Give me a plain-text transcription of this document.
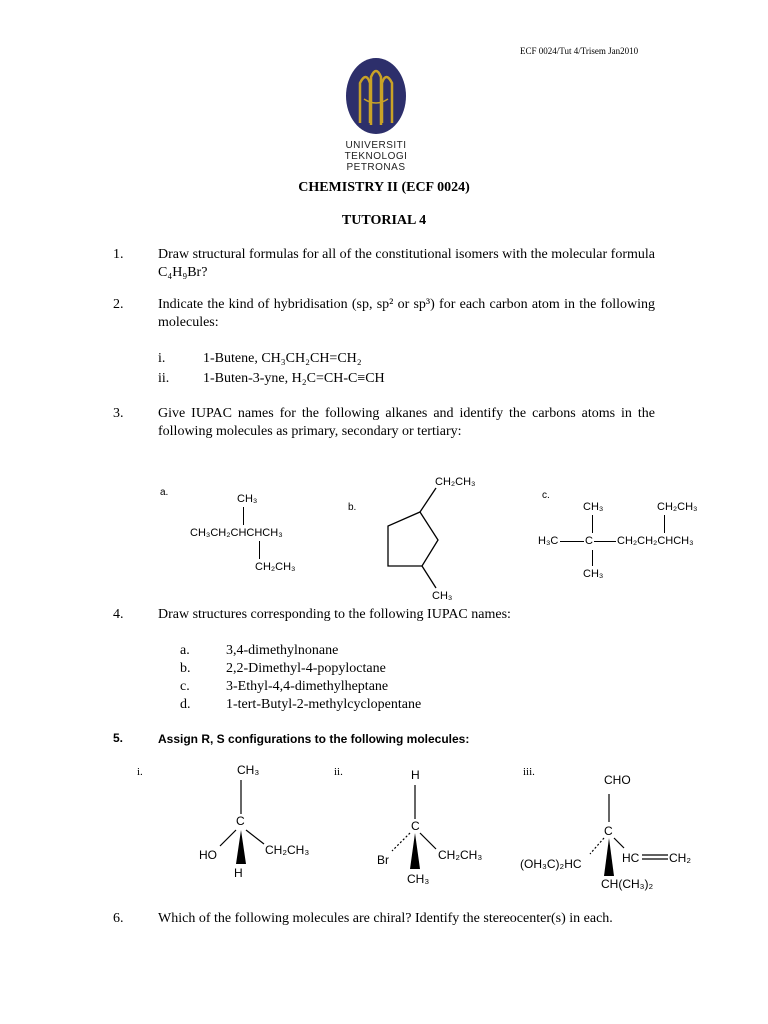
ECF 0024/Tut 4/Trisem Jan2010
UNIVERSITI
TEKNOLOGI
PETRONAS
CHEMISTRY II (ECF 0024)
TUTORIAL 4
1. Draw structural formulas for all of the constitutional isomers with the molecular formula C₄H₉Br?
2. Indicate the kind of hybridisation (sp, sp² or sp³) for each carbon atom in the following molecules:
i.	1-Butene, CH₃CH₂CH=CH₂
ii. 1-Buten-3-yne, H₂C=CH-C≡CH
3. Give IUPAC names for the following alkanes and identify the carbons atoms in the following molecules as primary, secondary or tertiary:
a.
CH₃
CH₃CH₂CHCHCH₃
CH₂CH₃
b.
CH₂CH₃
CH₃
c.
CH₃	CH₂CH₃
H₃C C CH₂CH₂CHCH₃
CH₃
4. Draw structures corresponding to the following IUPAC names:
a.	3,4-dimethylnonane
b.	2,2-Dimethyl-4-popyloctane
c.	3-Ethyl-4,4-dimethylheptane
d.	1-tert-Butyl-2-methylcyclopentane
5.	Assign R, S configurations to the following molecules:
i.	CH₃
C
HO	CH₂CH₃
H
ii.	H
C
Br	CH₂CH₃
CH₃
iii.
CHO
C
(OH₃C)₂HC	HC CH₂
CH(CH₃)₂
6. Which of the following molecules are chiral? Identify the stereocenter(s) in each.
